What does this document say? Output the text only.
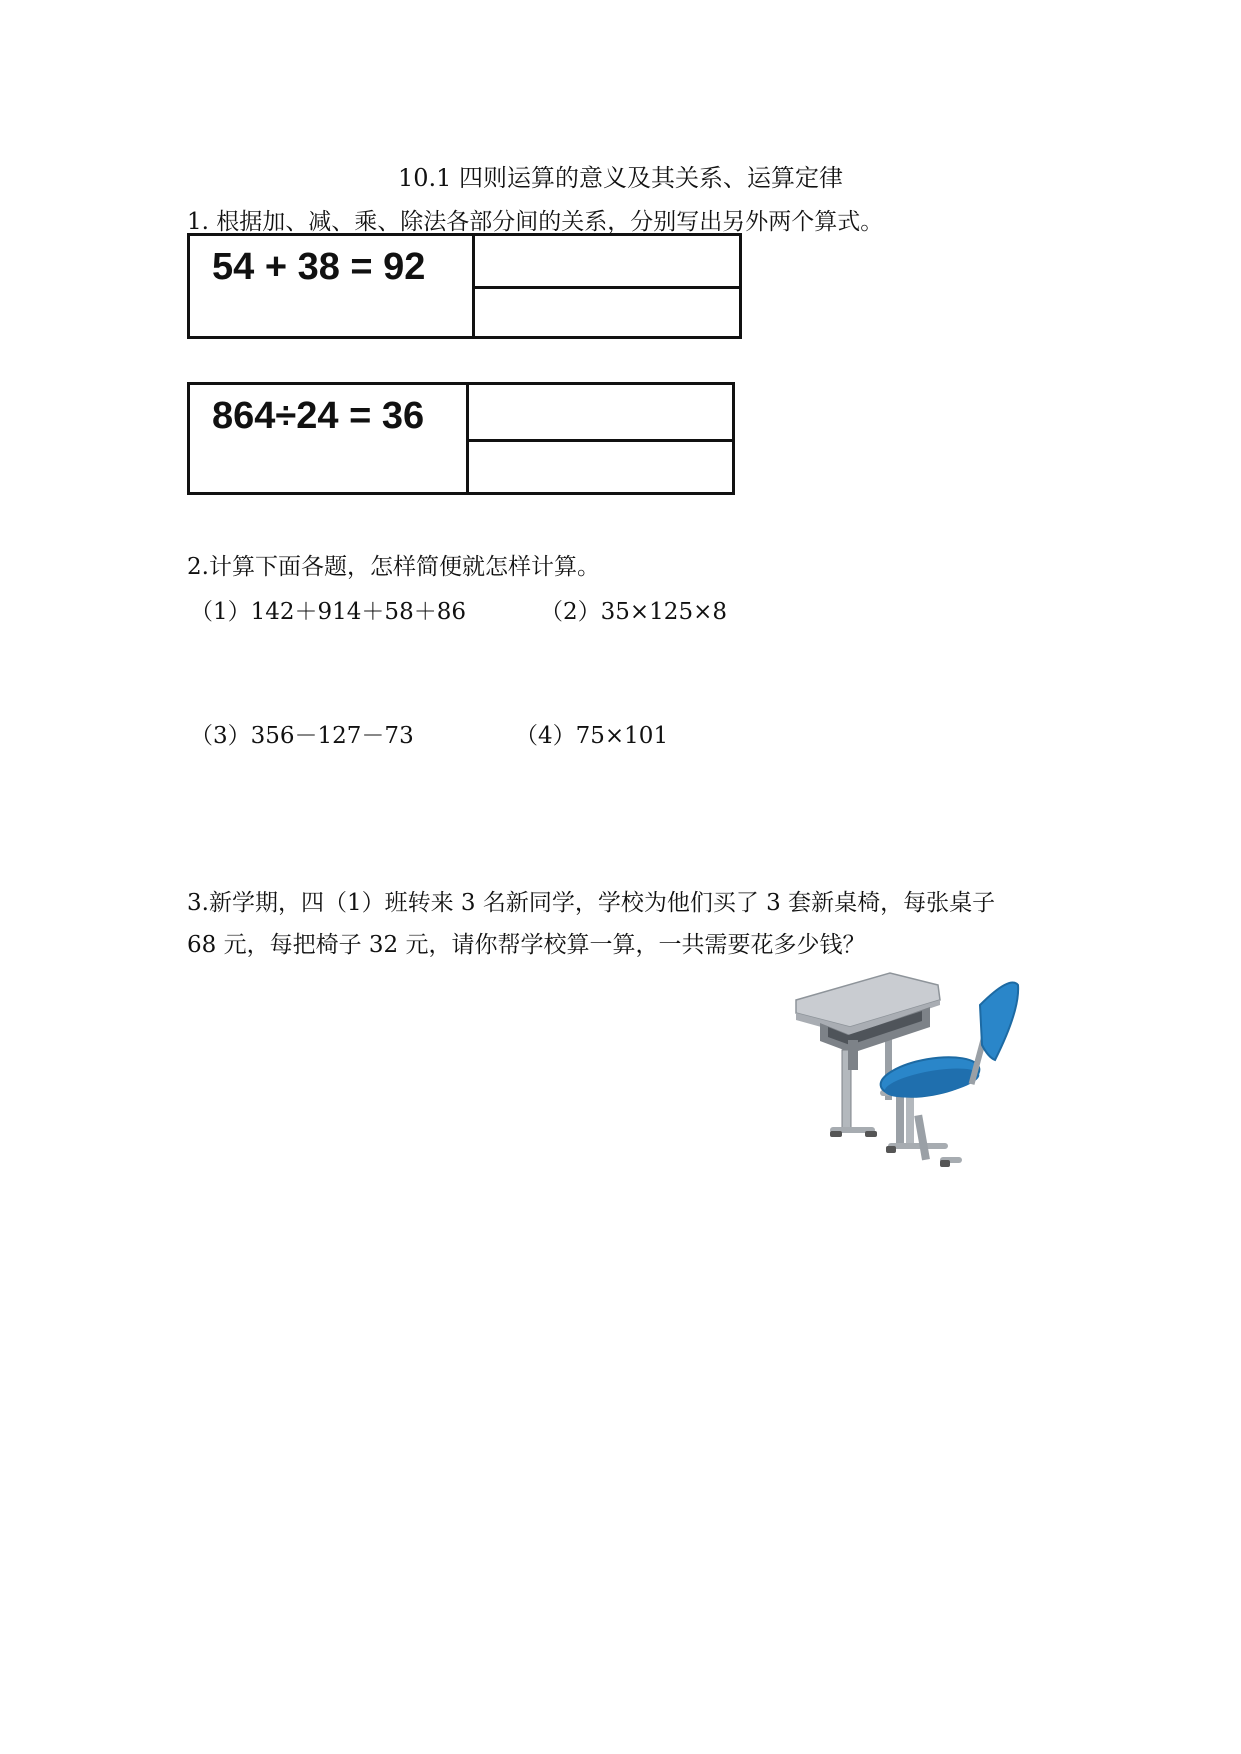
10.1 四则运算的意义及其关系、运算定律
1. 根据加、减、乘、除法各部分间的关系，分别写出另外两个算式。
54 + 38 = 92
864÷24 = 36
2.计算下面各题，怎样简便就怎样计算。
（1）142＋914＋58＋86	（2）35×125×8
（3）356－127－73	（4）75×101
3.新学期，四（1）班转来 3 名新同学，学校为他们买了 3 套新桌椅，每张桌子
68 元，每把椅子 32 元，请你帮学校算一算，一共需要花多少钱？
